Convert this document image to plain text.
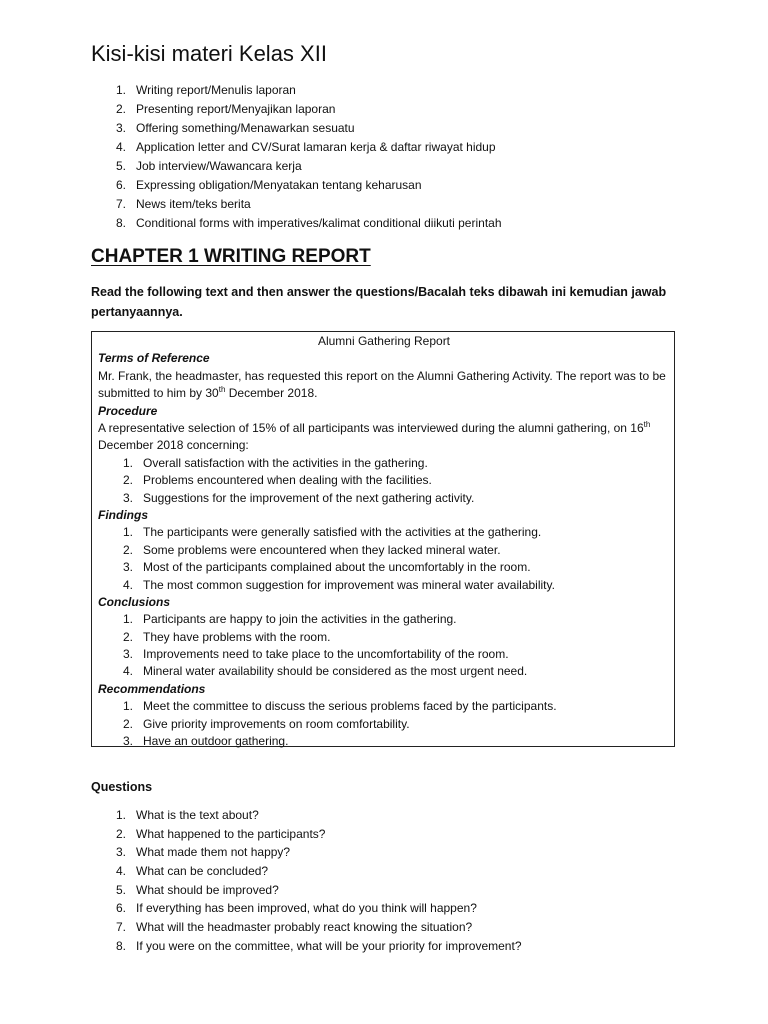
Kisi-kisi materi Kelas XII
1. Writing report/Menulis laporan
2. Presenting report/Menyajikan laporan
3. Offering something/Menawarkan sesuatu
4. Application letter and CV/Surat lamaran kerja & daftar riwayat hidup
5. Job interview/Wawancara kerja
6. Expressing obligation/Menyatakan tentang keharusan
7. News item/teks berita
8. Conditional forms with imperatives/kalimat conditional diikuti perintah
CHAPTER 1 WRITING REPORT

Read the following text and then answer the questions/Bacalah teks dibawah ini kemudian jawab pertanyaannya.

Alumni Gathering Report
Terms of Reference

Mr. Frank, the headmaster, has requested this report on the Alumni Gathering Activity. The report was to be submitted to him by 30th December 2018.

Procedure

A representative selection of 15% of all participants was interviewed during the alumni gathering, on 16th December 2018 concerning:

1. Overall satisfaction with the activities in the gathering.
2. Problems encountered when dealing with the facilities.
3. Suggestions for the improvement of the next gathering activity.
Findings
1. The participants were generally satisfied with the activities at the gathering.
2. Some problems were encountered when they lacked mineral water.
3. Most of the participants complained about the uncomfortably in the room.
4. The most common suggestion for improvement was mineral water availability.
Conclusions
1. Participants are happy to join the activities in the gathering.
2. They have problems with the room.
3. Improvements need to take place to the uncomfortability of the room.
4. Mineral water availability should be considered as the most urgent need.
Recommendations
1. Meet the committee to discuss the serious problems faced by the participants.
2. Give priority improvements on room comfortability.
3. Have an outdoor gathering.
Questions
1. What is the text about?
2. What happened to the participants?
3. What made them not happy?
4. What can be concluded?
5. What should be improved?
6. If everything has been improved, what do you think will happen?
7. What will the headmaster probably react knowing the situation?
8. If you were on the committee, what will be your priority for improvement?
